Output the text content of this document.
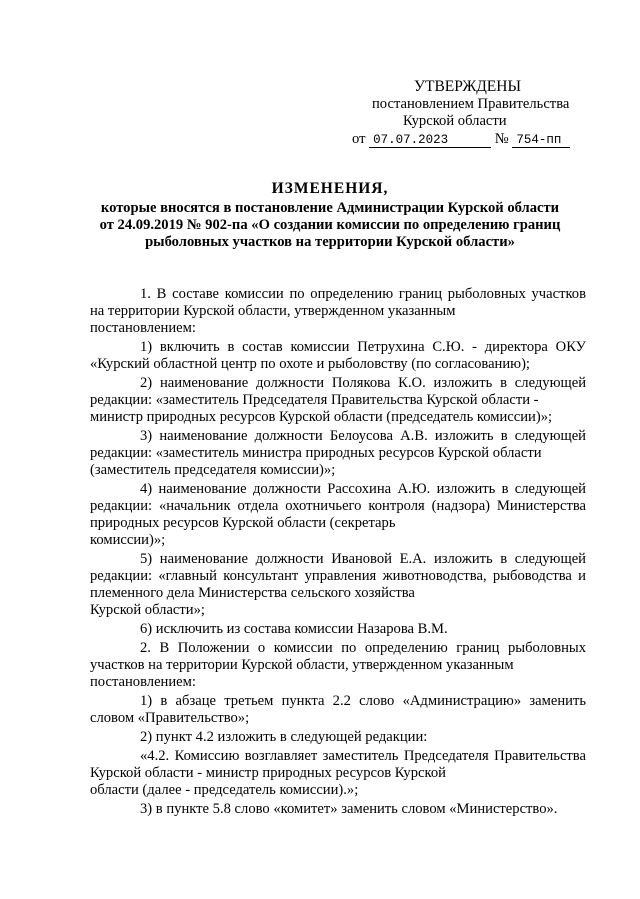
УТВЕРЖДЕНЫ
постановлением Правительства
Курской области
от 07.07.2023	№ 754-пп
ИЗМЕНЕНИЯ,
которые вносятся в постановление Администрации Курской области
от 24.09.2019 № 902-па «О создании комиссии по определению границ
рыболовных участков на территории Курской области»
1. В составе комиссии по определению границ рыболовных участков на территории Курской области, утвержденном указанным
постановлением:
1) включить в состав комиссии Петрухина С.Ю. - директора ОКУ
«Курский областной центр по охоте и рыболовству (по согласованию);
2) наименование должности Полякова К.О. изложить в следующей редакции: «заместитель Председателя Правительства Курской области -
министр природных ресурсов Курской области (председатель комиссии)»;
3) наименование должности Белоусова А.В. изложить в следующей редакции: «заместитель министра природных ресурсов Курской области
(заместитель председателя комиссии)»;
4) наименование должности Рассохина А.Ю. изложить в следующей редакции: «начальник отдела охотничьего контроля (надзора) Министерства природных ресурсов Курской области (секретарь
комиссии)»;
5) наименование должности Ивановой Е.А. изложить в следующей редакции: «главный консультант управления животноводства, рыбоводства и племенного дела Министерства сельского хозяйства
Курской области»;
6) исключить из состава комиссии Назарова В.М.
2. В Положении о комиссии по определению границ рыболовных участков на территории Курской области, утвержденном указанным
постановлением:
1) в абзаце третьем пункта 2.2 слово «Администрацию» заменить
словом «Правительство»;
2) пункт 4.2 изложить в следующей редакции:
«4.2. Комиссию возглавляет заместитель Председателя Правительства Курской области - министр природных ресурсов Курской
области (далее - председатель комиссии).»;
3) в пункте 5.8 слово «комитет» заменить словом «Министерство».
